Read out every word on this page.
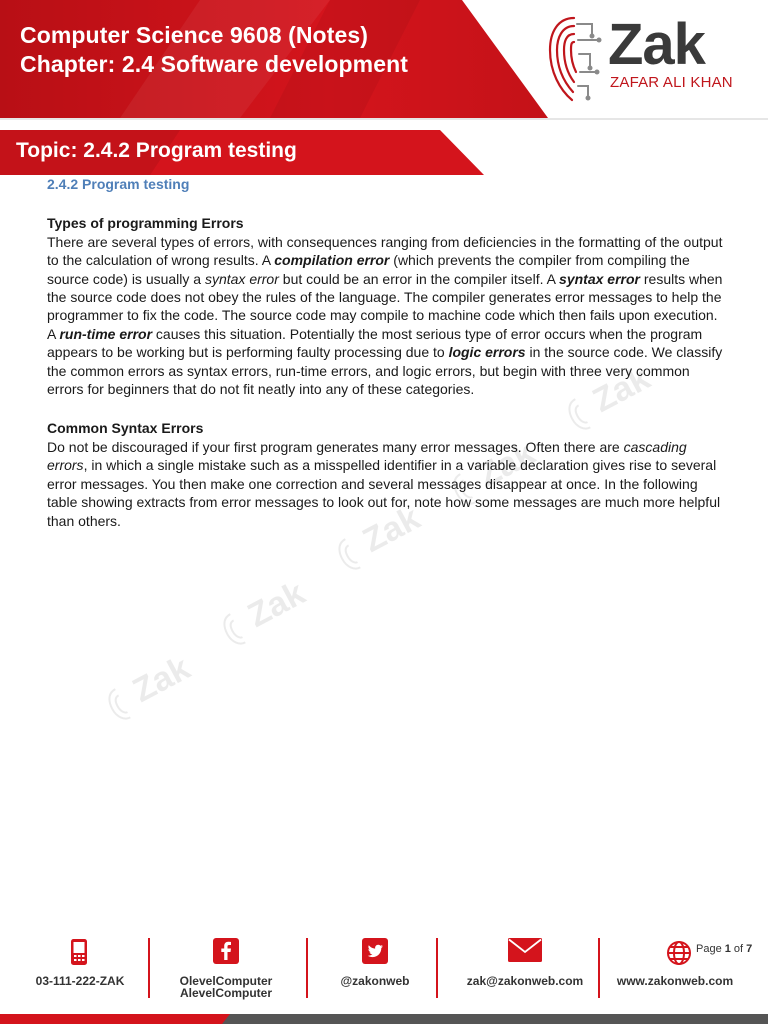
Computer Science 9608 (Notes)
Chapter: 2.4 Software development	Zak
ZAFAR ALI KHAN
Topic: 2.4.2 Program testing
Zak
Zak
Zak
Zak
Zak
2.4.2 Program testing
Types of programming Errors

There are several types of errors, with consequences ranging from deficiencies in the formatting of the output to the calculation of wrong results. A compilation error (which prevents the compiler from compiling the source code) is usually a syntax error but could be an error in the compiler itself. A syntax error results when the source code does not obey the rules of the language. The compiler generates error messages to help the programmer to fix the code. The source code may compile to machine code which then fails upon execution. A run-time error causes this situation. Potentially the most serious type of error occurs when the program appears to be working but is performing faulty processing due to logic errors in the source code. We classify the common errors as syntax errors, run-time errors, and logic errors, but begin with three very common errors for beginners that do not fit neatly into any of these categories.

Common Syntax Errors

Do not be discouraged if your first program generates many error messages. Often there are cascading errors, in which a single mistake such as a misspelled identifier in a variable declaration gives rise to several error messages. You then make one correction and several messages disappear at once. In the following table showing extracts from error messages to look out for, note how some messages are much more helpful than others.

03-111-222-ZAK	OlevelComputer
AlevelComputer
@zakonweb	zak@zakonweb.com	www.zakonweb.com
Page 1 of 7
